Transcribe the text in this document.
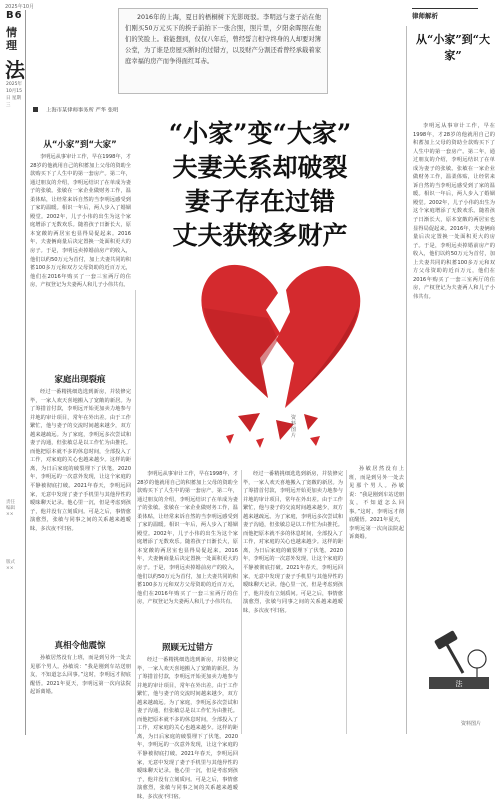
2025年10月
B6
情理
法
2025年10月15日 星期三
责任编辑 ××
律师解析
2016年的上海，夏日的梧桐树下光影斑驳。李明远与妻子站在他们刚买50万元买下的挨子前拍下一张合照，照片里，夕阳余晖照在他们的笑脸上。谁能想到，仅仅八年后，曾经誓言相守终身的人却要对簿公堂，为了谁是房屋买断时的过错方，以及财产分割还看曾经承载着家庭幸福的房产而争得面红耳赤。
上海市某律师事务所 严华 张明
“小家”变“大家”
夫妻关系却破裂
妻子存在过错
丈夫获较多财产
资料图片
从“小家”到“大家”

李明远从事审计工作，早在1998年，才28岁的他就用自己的积蓄加上父母的资助全款购买下了人生中的第一套房产。第二年，通过朋友的介绍，李明远结识了在单成为妻子的张敏。张敏在一家企业做财务工作，温柔体贴，让经常来诉自然的当李明远感受到了家的温暖。相识一年后，两人步入了婚姻殿堂。2002年，儿子小伟的出生为这个家庭增添了无数欢乐。随着孩子日渐长大，原本宽敞的两居室也显得局促起来。2016年，夫妻俩商量后决定置换一处面积更大的房子。于是，李明远卖掉婚前房产的收入，他们以约50万元为首付，加上夫妻共同的积蓄100多万元和双方父母资助的近百万元，他们在2016年购买了一套三室两厅的住房，产权登记为夫妻两人和儿子小伟共有。

家庭出现裂痕

经过一番精挑细选选到新房，并装修完毕，一家人欢天喜地搬入了宽敞的新居。为了筹措首付款，李明远开始更加卖力地参与并地的审计项目，常年在外出差。由于工作繁忙，他与妻子的交流时间越来越少，双方越来越疏远。为了家庭，李明远多次尝试和妻子沟通，但张敏总是以工作忙为由推托。而他把原本就不多的休息时间，全部投入了工作，对家庭的关心也越来越少。这样的距离，为日后家庭的破裂埋下了伏笔。2020年，李明远的一次意外发现，让这个家庭的平静被彻底打破。2021年春天，李明远回家，无意中发现了妻子手机里与其他异性的暧昧聊天记录。他心里一沉，但是考虑到孩子，他并没有立刻质问。可是之后，事情愈演愈烈，张敏与同事之间的关系越来越暧昧，多次夜不归宿。

真相令他震惊

孙敏居然没有上班，而是到另外一处去见那个男人。孙敏说：“我是刚到车站送朋友，不知道怎么回事。”这时，李明远才彻底醒悟。2021年夏天，李明远第一次向法院起诉离婚。

李明远从事审计工作，早在1998年，才28岁的他就用自己的积蓄加上父母的资助全款购买下了人生中的第一套房产。第二年，通过朋友的介绍，李明远结识了在单成为妻子的张敏。张敏在一家企业做财务工作，温柔体贴，让经常来诉自然的当李明远感受到了家的温暖。相识一年后，两人步入了婚姻殿堂。2002年，儿子小伟的出生为这个家庭增添了无数欢乐。随着孩子日渐长大，原本宽敞的两居室也显得局促起来。2016年，夫妻俩商量后决定置换一处面积更大的房子。于是，李明远卖掉婚前房产的收入，他们以约50万元为首付，加上夫妻共同的积蓄100多万元和双方父母资助的近百万元，他们在2016年购买了一套三室两厅的住房，产权登记为夫妻两人和儿子小伟共有。

照顾无过错方

经过一番精挑细选选到新房，并装修完毕，一家人欢天喜地搬入了宽敞的新居。为了筹措首付款，李明远开始更加卖力地参与并地的审计项目，常年在外出差。由于工作繁忙，他与妻子的交流时间越来越少，双方越来越疏远。为了家庭，李明远多次尝试和妻子沟通，但张敏总是以工作忙为由推托。而他把原本就不多的休息时间，全部投入了工作，对家庭的关心也越来越少。这样的距离，为日后家庭的破裂埋下了伏笔。2020年，李明远的一次意外发现，让这个家庭的平静被彻底打破。2021年春天，李明远回家，无意中发现了妻子手机里与其他异性的暧昧聊天记录。他心里一沉，但是考虑到孩子，他并没有立刻质问。可是之后，事情愈演愈烈，张敏与同事之间的关系越来越暧昧，多次夜不归宿。

经过一番精挑细选选到新房，并装修完毕，一家人欢天喜地搬入了宽敞的新居。为了筹措首付款，李明远开始更加卖力地参与并地的审计项目，常年在外出差。由于工作繁忙，他与妻子的交流时间越来越少，双方越来越疏远。为了家庭，李明远多次尝试和妻子沟通，但张敏总是以工作忙为由推托。而他把原本就不多的休息时间，全部投入了工作，对家庭的关心也越来越少。这样的距离，为日后家庭的破裂埋下了伏笔。2020年，李明远的一次意外发现，让这个家庭的平静被彻底打破。2021年春天，李明远回家，无意中发现了妻子手机里与其他异性的暧昧聊天记录。他心里一沉，但是考虑到孩子，他并没有立刻质问。可是之后，事情愈演愈烈，张敏与同事之间的关系越来越暧昧，多次夜不归宿。

孙敏居然没有上班，而是到另外一处去见那个男人。孙敏说：“我是刚到车站送朋友，不知道怎么回事。”这时，李明远才彻底醒悟。2021年夏天，李明远第一次向法院起诉离婚。

从“小家”到“大家”

李明远从事审计工作，早在1998年，才28岁的他就用自己的积蓄加上父母的资助全款购买下了人生中的第一套房产。第二年，通过朋友的介绍，李明远结识了在单成为妻子的张敏。张敏在一家企业做财务工作，温柔体贴，让经常来诉自然的当李明远感受到了家的温暖。相识一年后，两人步入了婚姻殿堂。2002年，儿子小伟的出生为这个家庭增添了无数欢乐。随着孩子日渐长大，原本宽敞的两居室也显得局促起来。2016年，夫妻俩商量后决定置换一处面积更大的房子。于是，李明远卖掉婚前房产的收入，他们以约50万元为首付，加上夫妻共同的积蓄100多万元和双方父母资助的近百万元，他们在2016年购买了一套三室两厅的住房，产权登记为夫妻两人和儿子小伟共有。

法
资料图片
版式 ××
